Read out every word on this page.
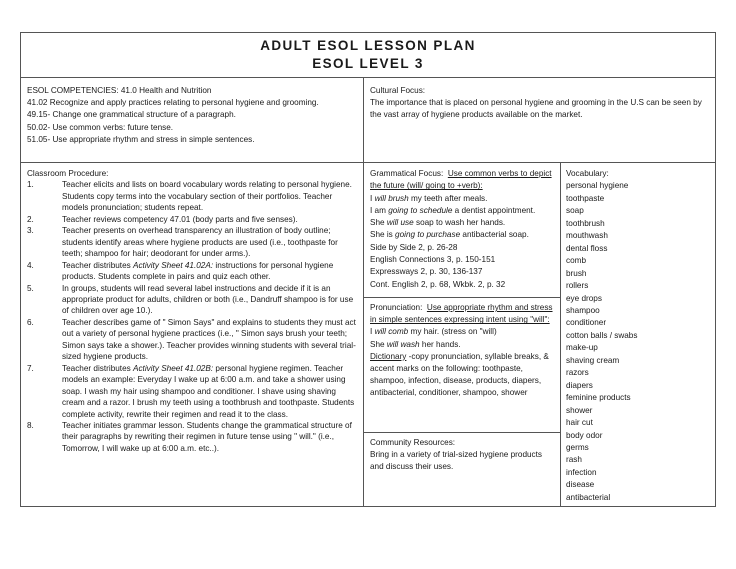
ADULT ESOL LESSON PLAN
ESOL LEVEL 3
ESOL COMPETENCIES: 41.0 Health and Nutrition
41.02 Recognize and apply practices relating to personal hygiene and grooming.
49.15- Change one grammatical structure of a paragraph.
50.02- Use common verbs: future tense.
51.05- Use appropriate rhythm and stress in simple sentences.
Cultural Focus:
The importance that is placed on personal hygiene and grooming in the U.S can be seen by the vast array of hygiene products available on the market.
Classroom Procedure:
1.	Teacher elicits and lists on board vocabulary words relating to personal hygiene. Students copy terms into the vocabulary section of their portfolios. Teacher models pronunciation; students repeat.
2.	Teacher reviews competency 47.01 (body parts and five senses).
3.	Teacher presents on overhead transparency an illustration of body outline; students identify areas where hygiene products are used (i.e., toothpaste for teeth; shampoo for hair; deodorant for under arms.).
4.	Teacher distributes Activity Sheet 41.02A: instructions for personal hygiene products. Students complete in pairs and quiz each other.
5.	In groups, students will read several label instructions and decide if it is an appropriate product for adults, children or both (i.e., Dandruff shampoo is for use of children over age 10.).
6.	Teacher describes game of " Simon Says" and explains to students they must act out a variety of personal hygiene practices (i.e., " Simon says brush your teeth; Simon says take a shower.). Teacher provides winning students with several trial-sized hygiene products.
7.	Teacher distributes Activity Sheet 41.02B: personal hygiene regimen. Teacher models an example: Everyday I wake up at 6:00 a.m. and take a shower using soap. I wash my hair using shampoo and conditioner. I shave using shaving cream and a razor. I brush my teeth using a toothbrush and toothpaste. Students complete activity, rewrite their regimen and read it to the class.
8.	Teacher initiates grammar lesson. Students change the grammatical structure of their paragraphs by rewriting their regimen in future tense using " will." (i.e., Tomorrow, I will wake up at 6:00 a.m. etc..).
Grammatical Focus: Use common verbs to depict the future (will/ going to +verb):
I will brush my teeth after meals.
I am going to schedule a dentist appointment.
She will use soap to wash her hands.
She is going to purchase antibacterial soap.
Side by Side 2, p. 26-28
English Connections 3, p. 150-151
Expressways 2, p. 30, 136-137
Cont. English 2, p. 68, Wkbk. 2, p. 32
Pronunciation: Use appropriate rhythm and stress in simple sentences expressing intent using "will":
I will comb my hair. (stress on "will)
She will wash her hands.
Dictionary -copy pronunciation, syllable breaks, & accent marks on the following: toothpaste, shampoo, infection, disease, products, diapers, antibacterial, conditioner, shampoo, shower
Community Resources:
Bring in a variety of trial-sized hygiene products and discuss their uses.
Vocabulary:
personal hygiene
toothpaste
soap
toothbrush
mouthwash
dental floss
comb
brush
rollers
eye drops
shampoo
conditioner
cotton balls / swabs
make-up
shaving cream
razors
diapers
feminine products
shower
hair cut
body odor
germs
rash
infection
disease
antibacterial
